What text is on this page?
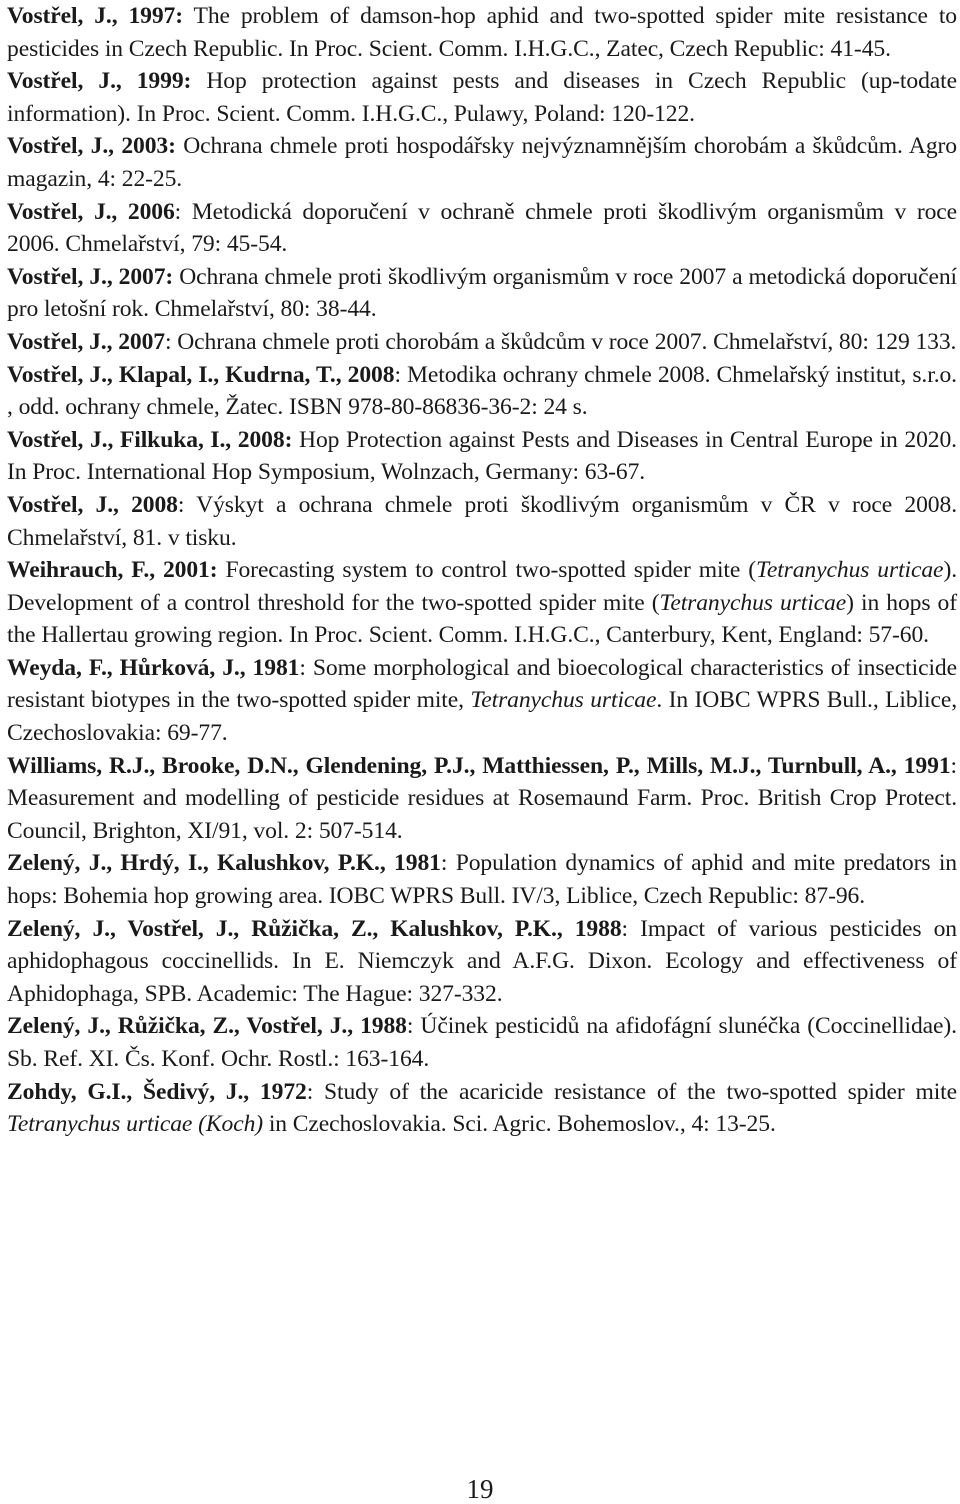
Vostřel, J., 1997: The problem of damson-hop aphid and two-spotted spider mite resistance to pesticides in Czech Republic. In Proc. Scient. Comm. I.H.G.C., Zatec, Czech Republic: 41-45.

Vostřel, J., 1999: Hop protection against pests and diseases in Czech Republic (up-todate information). In Proc. Scient. Comm. I.H.G.C., Pulawy, Poland: 120-122.

Vostřel, J., 2003: Ochrana chmele proti hospodářsky nejvýznamnějším chorobám a škůdcům. Agro magazin, 4: 22-25.

Vostřel, J., 2006: Metodická doporučení v ochraně chmele proti škodlivým organismům v roce 2006. Chmelařství, 79: 45-54.

Vostřel, J., 2007: Ochrana chmele proti škodlivým organismům v roce 2007 a metodická doporučení pro letošní rok. Chmelařství, 80: 38-44.

Vostřel, J., 2007: Ochrana chmele proti chorobám a škůdcům v roce 2007. Chmelařství, 80: 129 133.

Vostřel, J., Klapal, I., Kudrna, T., 2008: Metodika ochrany chmele 2008. Chmelařský institut, s.r.o. , odd. ochrany chmele, Žatec. ISBN 978-80-86836-36-2: 24 s.

Vostřel, J., Filkuka, I., 2008: Hop Protection against Pests and Diseases in Central Europe in 2020. In Proc. International Hop Symposium, Wolnzach, Germany: 63-67.

Vostřel, J., 2008: Výskyt a ochrana chmele proti škodlivým organismům v ČR v roce 2008. Chmelařství, 81. v tisku.

Weihrauch, F., 2001: Forecasting system to control two-spotted spider mite (Tetranychus urticae). Development of a control threshold for the two-spotted spider mite (Tetranychus urticae) in hops of the Hallertau growing region. In Proc. Scient. Comm. I.H.G.C., Canterbury, Kent, England: 57-60.

Weyda, F., Hůrková, J., 1981: Some morphological and bioecological characteristics of insecticide resistant biotypes in the two-spotted spider mite, Tetranychus urticae. In IOBC WPRS Bull., Liblice, Czechoslovakia: 69-77.

Williams, R.J., Brooke, D.N., Glendening, P.J., Matthiessen, P., Mills, M.J., Turnbull, A., 1991: Measurement and modelling of pesticide residues at Rosemaund Farm. Proc. British Crop Protect. Council, Brighton, XI/91, vol. 2: 507-514.

Zelený, J., Hrdý, I., Kalushkov, P.K., 1981: Population dynamics of aphid and mite predators in hops: Bohemia hop growing area. IOBC WPRS Bull. IV/3, Liblice, Czech Republic: 87-96.

Zelený, J., Vostřel, J., Růžička, Z., Kalushkov, P.K., 1988: Impact of various pesticides on aphidophagous coccinellids. In E. Niemczyk and A.F.G. Dixon. Ecology and effectiveness of Aphidophaga, SPB. Academic: The Hague: 327-332.

Zelený, J., Růžička, Z., Vostřel, J., 1988: Účinek pesticidů na afidofágní slunéčka (Coccinellidae). Sb. Ref. XI. Čs. Konf. Ochr. Rostl.: 163-164.

Zohdy, G.I., Šedivý, J., 1972: Study of the acaricide resistance of the two-spotted spider mite Tetranychus urticae (Koch) in Czechoslovakia. Sci. Agric. Bohemoslov., 4: 13-25.

19
